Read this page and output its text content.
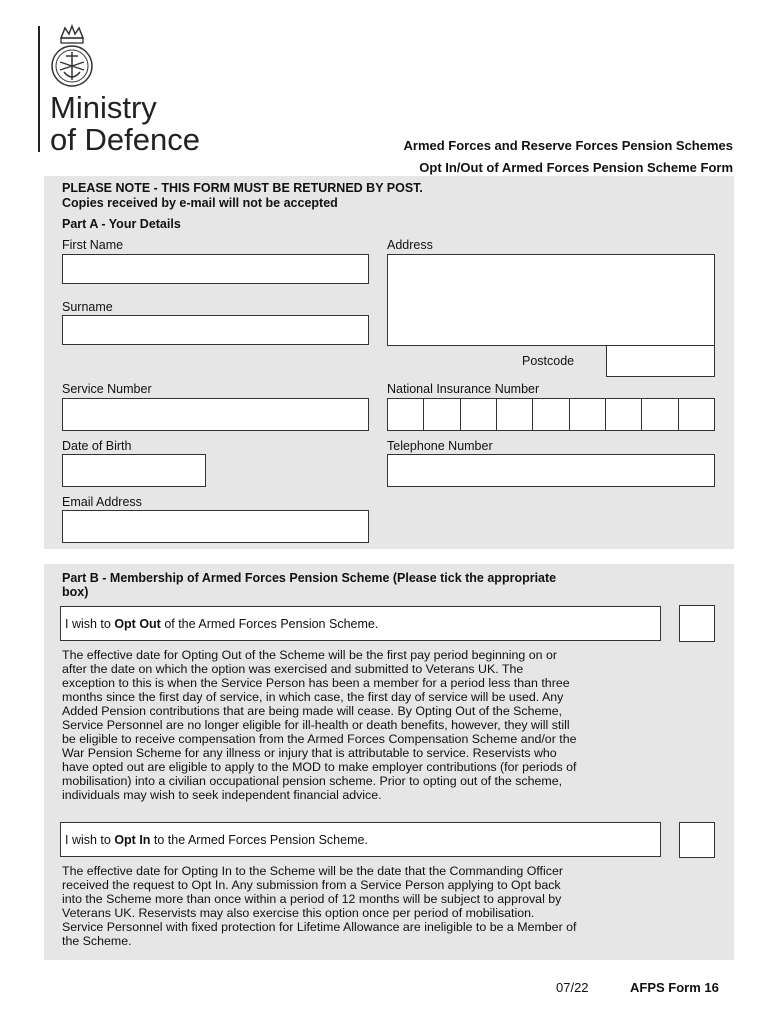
Ministry
of Defence	Armed Forces and Reserve Forces Pension Schemes
Opt In/Out of Armed Forces Pension Scheme Form
PLEASE NOTE - THIS FORM MUST BE RETURNED BY POST.
Copies received by e-mail will not be accepted
Part A - Your Details
First Name	Address
Surname
Postcode
Service Number	National Insurance Number
Date of Birth	Telephone Number
Email Address
Part B - Membership of Armed Forces Pension Scheme (Please tick the appropriate
box)
I wish to Opt Out of the Armed Forces Pension Scheme.
The effective date for Opting Out of the Scheme will be the first pay period beginning on or
after the date on which the option was exercised and submitted to Veterans UK. The
exception to this is when the Service Person has been a member for a period less than three
months since the first day of service, in which case, the first day of service will be used. Any
Added Pension contributions that are being made will cease. By Opting Out of the Scheme,
Service Personnel are no longer eligible for ill-health or death benefits, however, they will still
be eligible to receive compensation from the Armed Forces Compensation Scheme and/or the
War Pension Scheme for any illness or injury that is attributable to service. Reservists who
have opted out are eligible to apply to the MOD to make employer contributions (for periods of
mobilisation) into a civilian occupational pension scheme. Prior to opting out of the scheme,
individuals may wish to seek independent financial advice.
I wish to Opt In to the Armed Forces Pension Scheme.
The effective date for Opting In to the Scheme will be the date that the Commanding Officer
received the request to Opt In. Any submission from a Service Person applying to Opt back
into the Scheme more than once within a period of 12 months will be subject to approval by
Veterans UK. Reservists may also exercise this option once per period of mobilisation.
Service Personnel with fixed protection for Lifetime Allowance are ineligible to be a Member of
the Scheme.
07/22	AFPS Form 16
